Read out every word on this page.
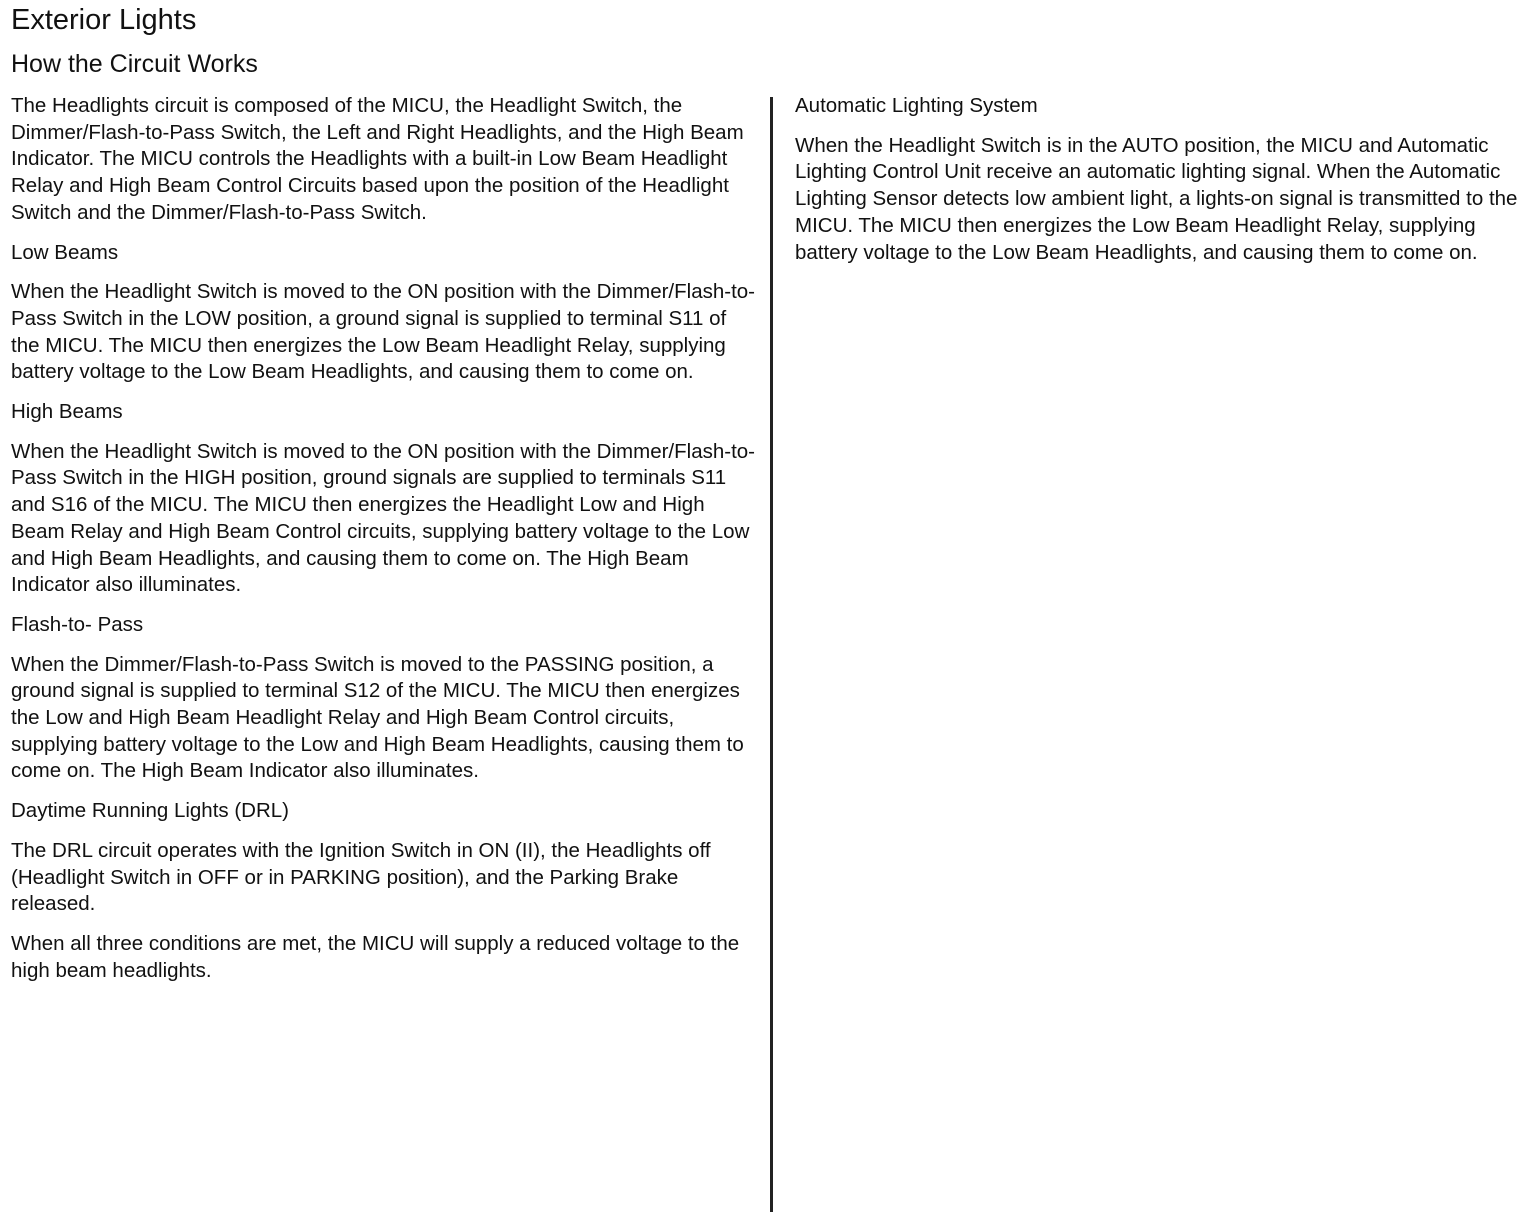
Exterior Lights
How the Circuit Works

The Headlights circuit is composed of the MICU, the Headlight Switch, the Dimmer/Flash-to-Pass Switch, the Left and Right Headlights, and the High Beam Indicator. The MICU controls the Headlights with a built-in Low Beam Headlight Relay and High Beam Control Circuits based upon the position of the Headlight Switch and the Dimmer/Flash-to-Pass Switch.

Low Beams

When the Headlight Switch is moved to the ON position with the Dimmer/Flash-to-Pass Switch in the LOW position, a ground signal is supplied to terminal S11 of the MICU. The MICU then energizes the Low Beam Headlight Relay, supplying battery voltage to the Low Beam Headlights, and causing them to come on.

High Beams

When the Headlight Switch is moved to the ON position with the Dimmer/Flash-to-Pass Switch in the HIGH position, ground signals are supplied to terminals S11 and S16 of the MICU. The MICU then energizes the Headlight Low and High Beam Relay and High Beam Control circuits, supplying battery voltage to the Low and High Beam Headlights, and causing them to come on. The High Beam Indicator also illuminates.

Flash-to- Pass

When the Dimmer/Flash-to-Pass Switch is moved to the PASSING position, a ground signal is supplied to terminal S12 of the MICU. The MICU then energizes the Low and High Beam Headlight Relay and High Beam Control circuits, supplying battery voltage to the Low and High Beam Headlights, causing them to come on. The High Beam Indicator also illuminates.

Daytime Running Lights (DRL)

The DRL circuit operates with the Ignition Switch in ON (II), the Headlights off (Headlight Switch in OFF or in PARKING position), and the Parking Brake released.

When all three conditions are met, the MICU will supply a reduced voltage to the high beam headlights.

Automatic Lighting System

When the Headlight Switch is in the AUTO position, the MICU and Automatic Lighting Control Unit receive an automatic lighting signal. When the Automatic Lighting Sensor detects low ambient light, a lights-on signal is transmitted to the MICU. The MICU then energizes the Low Beam Headlight Relay, supplying battery voltage to the Low Beam Headlights, and causing them to come on.
